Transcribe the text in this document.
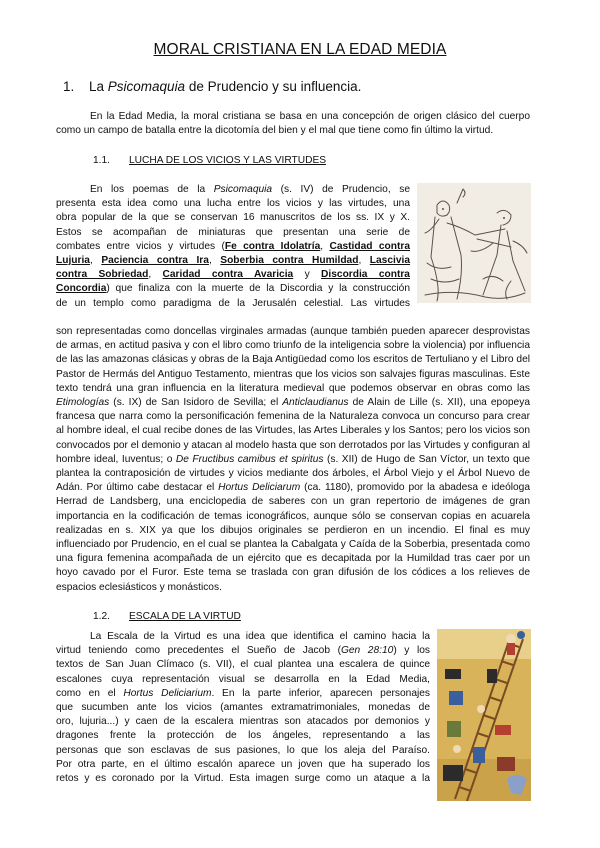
MORAL CRISTIANA EN LA EDAD MEDIA
1. La Psicomaquia de Prudencio y su influencia.
En la Edad Media, la moral cristiana se basa en una concepción de origen clásico del cuerpo como un campo de batalla entre la dicotomía del bien y el mal que tiene como fin último la virtud.
1.1. LUCHA DE LOS VICIOS Y LAS VIRTUDES
En los poemas de la Psicomaquia (s. IV) de Prudencio, se
presenta esta idea como una lucha entre los vicios y las virtudes, una
obra popular de la que se conservan 16 manuscritos de los ss. IX y X.
Estos se acompañan de miniaturas que presentan una serie de
combates entre vicios y virtudes (Fe contra Idolatría, Castidad contra
Lujuria, Paciencia contra Ira, Soberbia contra Humildad, Lascivia
contra Sobriedad, Caridad contra Avaricia y Discordia contra
Concordia) que finaliza con la muerte de la Discordia y la construcción
de un templo como paradigma de la Jerusalén celestial. Las virtudes
son representadas como doncellas virginales armadas (aunque también pueden aparecer desprovistas de armas, en actitud pasiva y con el libro como triunfo de la inteligencia sobre la violencia) por influencia de las las amazonas clásicas y obras de la Baja Antigüedad como los escritos de Tertuliano y el Libro del Pastor de Hermás del Antiguo Testamento, mientras que los vicios son salvajes figuras masculinas. Este texto tendrá una gran influencia en la literatura medieval que podemos observar en obras como las Etimologías (s. IX) de San Isidoro de Sevilla; el Anticlaudianus de Alain de Lille (s. XII), una epopeya francesa que narra como la personificación femenina de la Naturaleza convoca un concurso para crear al hombre ideal, el cual recibe dones de las Virtudes, las Artes Liberales y los Santos; pero los vicios son convocados por el demonio y atacan al modelo hasta que son derrotados por las Virtudes y configuran al hombre ideal, Iuventus; o De Fructibus camibus et spiritus (s. XII) de Hugo de San Víctor, un texto que plantea la contraposición de virtudes y vicios mediante dos árboles, el Árbol Viejo y el Árbol Nuevo de Adán. Por último cabe destacar el Hortus Deliciarum (ca. 1180), promovido por la abadesa e ideóloga Herrad de Landsberg, una enciclopedia de saberes con un gran repertorio de imágenes de gran importancia en la codificación de temas iconográficos, aunque sólo se conservan copias en acuarela realizadas en s. XIX ya que los dibujos originales se perdieron en un incendio. El final es muy influenciado por Prudencio, en el cual se plantea la Cabalgata y Caída de la Soberbia, presentada como una figura femenina acompañada de un ejército que es decapitada por la Humildad tras caer por un hoyo cavado por el Furor. Este tema se traslada con gran difusión de los códices a los relieves de espacios eclesiásticos y monásticos.
1.2. ESCALA DE LA VIRTUD
La Escala de la Virtud es una idea que identifica el camino hacia la
virtud teniendo como precedentes el Sueño de Jacob (Gen 28:10) y los
textos de San Juan Clímaco (s. VII), el cual plantea una escalera de quince
escalones cuya representación visual se desarrolla en la Edad Media,
como en el Hortus Deliciarium. En la parte inferior, aparecen personajes
que sucumben ante los vicios (amantes extramatrimoniales, monedas de
oro, lujuria...) y caen de la escalera mientras son atacados por demonios y
dragones frente la protección de los ángeles, representando a las
personas que son esclavas de sus pasiones, lo que los aleja del Paraíso.
Por otra parte, en el último escalón aparece un joven que ha superado los
retos y es coronado por la Virtud. Esta imagen surge como un ataque a la
